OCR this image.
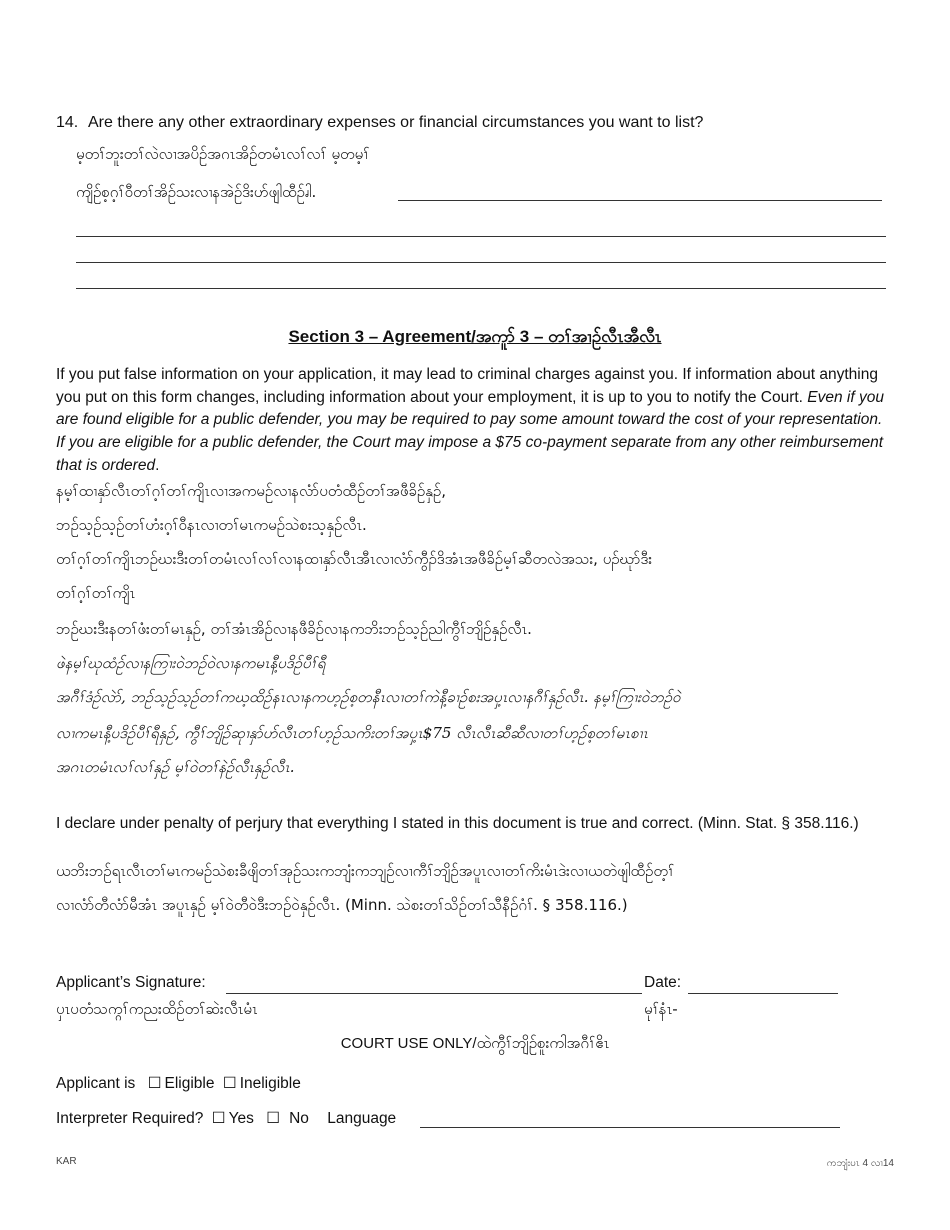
14. Are there any other extraordinary expenses or financial circumstances you want to list?
မ့တၢ်ဘူးတၢ်လဲလၢအပိဉ်အဂၤအိဉ်တမံၤလၢ်လၢ် မ့တမ့ၢ်
ကျိဉ်စ့ဂ့ၢ်ဝီတၢ်အိဉ်သးလၢနအဲဉ်ဒိးဟ်ဖျါထီဉ်ၧါ.
Section 3 – Agreement/အကူာ် 3 – တၢ်အၢဉ်လီၤအီလီၤ
If you put false information on your application, it may lead to criminal charges against you. If information about anything you put on this form changes, including information about your employment, it is up to you to notify the Court. Even if you are found eligible for a public defender, you may be required to pay some amount toward the cost of your representation. If you are eligible for a public defender, the Court may impose a $75 co-payment separate from any other reimbursement that is ordered.
နမ့ၢ်ထၢနှာ်လီၤတၢ်ဂ့ၢ်တၢ်ကျိၤလၢအကမဉ်လၢနလံာ်ပတံထီဉ်တၢ်အဖီခိဉ်နှဉ်,
ဘဉ်သ့ဉ်သ့ဉ်တၢ်ဟံးဂ့ၢ်ဝီနၤလၢတၢ်မၤကမဉ်သဲစးသ့နှဉ်လီၤ.
တၢ်ဂ့ၢ်တၢ်ကျိၤဘဉ်ဃးဒီးတၢ်တမံၤလၢ်လၢ်လၢနထၢနှာ်လီၤအီၤလၢလံာ်ကွီၣ်ဒိအံၤအဖီခိဉ်မ့ၢ်ဆီတလဲအသး, ပၣ်ဃုာ်ဒီး
တၢ်ဂ့ၢ်တၢ်ကျိၤ
ဘဉ်ဃးဒီးနတၢ်ဖံးတၢ်မၤနှဉ်, တၢ်အံၤအိဉ်လၢနဖီခိဉ်လၢနကဘိးဘဉ်သ့ဉ်ညါကွီၢ်ဘျိဉ်နှဉ်လီၤ.
ဖဲနမ့ၢ်ဃုထံဉ်လၢနကြၢးဝဲဘဉ်ဝဲလၢနကမၤနီ့ပဒိဉ်ပီၢ်ရီ
အဂီၢ်ဒံဉ်လဲာ်, ဘဉ်သ့ဉ်သ့ဉ်တၢ်ကဃ့ထိဉ်နၤလၢနကဟ့ဉ်စ့တနီၤလၢတၢ်ကဲနီ့ခၢဉ်စးအပှ့ၤလၢနဂီၢ်နှဉ်လီၤ. နမ့ၢ်ကြၢးဝဲဘဉ်ဝဲ
လၢကမၤနီ့ပဒိဉ်ပီၢ်ရီနှဉ်, ကွီၢ်ဘျိဉ်ဆုၢနှာ်ဟ်လီၤတၢ်ဟ့ဉ်သကိးတၢ်အပှ့ၤ$75 လီၤလီၤဆီဆီလၢတၢ်ဟ့ဉ်စ့တၢ်မၤစၢၤ
အဂၤတမံၤလၢ်လၢ်နှဉ် မ့ၢ်ဝဲတၢ်နဲဉ်လီၤနှဉ်လီၤ.
I declare under penalty of perjury that everything I stated in this document is true and correct. (Minn. Stat. § 358.116.)
ယဘိးဘဉ်ရၤလီၤတၢ်မၤကမဉ်သဲစးခီဖျိတၢ်အုဉ်သးကဘျံးကဘျဉ်လၢကီၢ်ဘျိဉ်အပူၤလၢတၢ်ကိးမံၤဒဲးလၢယတဲဖျါထီဉ်တ့ၢ်
လၢလံာ်တီလံာ်မီအံၤ အပူၤနှဉ် မ့ၢ်ဝဲတီဝဲဒီးဘဉ်ဝဲနှဉ်လီၤ. (Minn. သဲစးတၢ်သိဉ်တၢ်သီနီဉ်ဂံၢ်. § 358.116.)
Applicant’s Signature:	Date:
ပှၤပတံသက္ဂၢ်ကညးထိဉ်တၢ်ဆဲးလီၤမံၤ	မုၢ်နံၤ-
COURT USE ONLY/ထဲကွီၢ်ဘျိဉ်စူးကါအဂီၢ်ဧိၤ
Applicant is ☐ Eligible ☐ Ineligible
Interpreter Required? ☐ Yes ☐ No Language
KAR	ကဘျံးပၤ 4 လၢ14
